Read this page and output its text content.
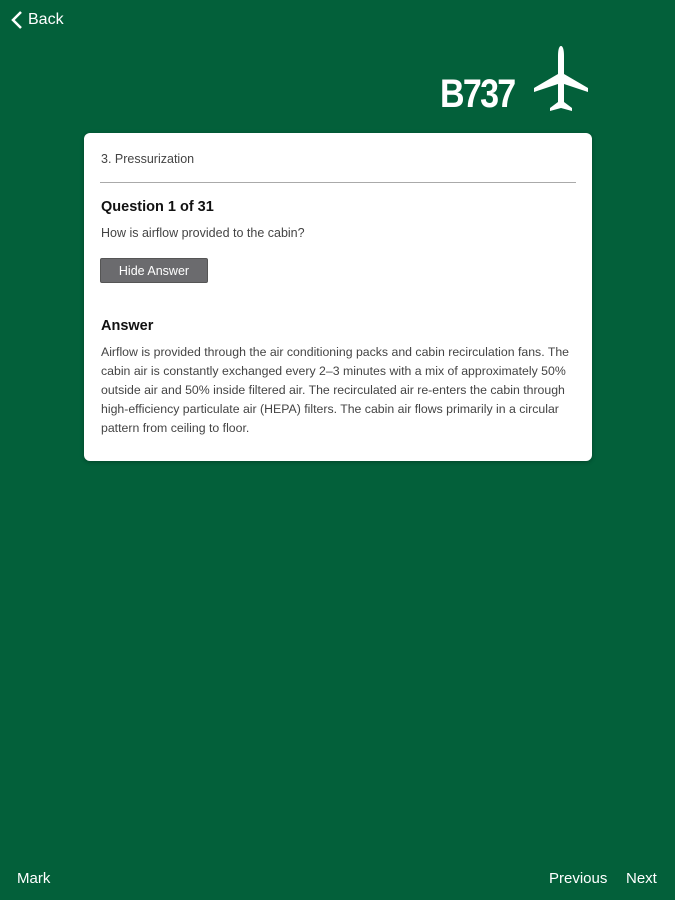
Back
B737
3. Pressurization
Question 1 of 31
How is airflow provided to the cabin?
Hide Answer
Answer
Airflow is provided through the air conditioning packs and cabin recirculation fans. The cabin air is constantly exchanged every 2–3 minutes with a mix of approximately 50% outside air and 50% inside filtered air. The recirculated air re-enters the cabin through high-efficiency particulate air (HEPA) filters. The cabin air flows primarily in a circular pattern from ceiling to floor.
Mark	Previous Next
